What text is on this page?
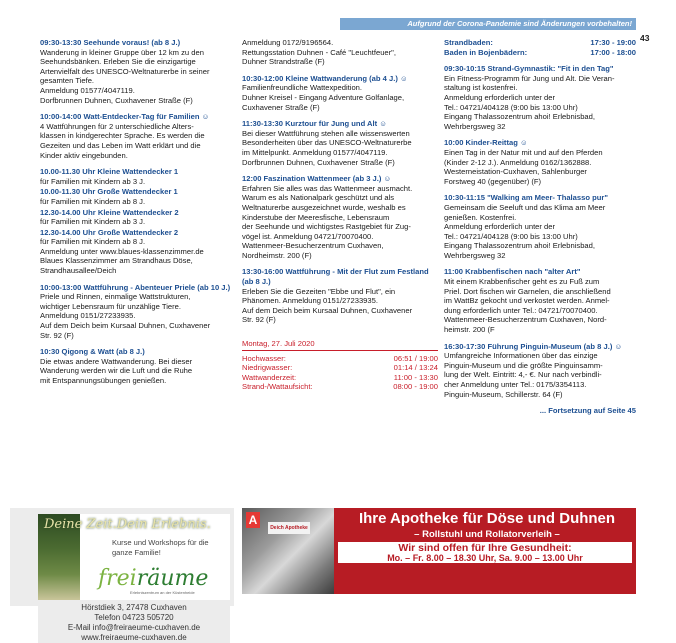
Aufgrund der Corona-Pandemie sind Änderungen vorbehalten!
43
09:30-13:30 Seehunde voraus! (ab 8 J.)
Wanderung in kleiner Gruppe über 12 km zu den
Seehundsbänken. Erleben Sie die einzigartige
Artenvielfalt des UNESCO-Weltnaturerbe in seiner
gesamten Tiefe.
Anmeldung 01577/4047119.
Dorfbrunnen Duhnen, Cuxhavener Straße (F)
10:00-14:00 Watt-Entdecker-Tag für Familien ☺
4 Wattführungen für 2 unterschiedliche Alters-
klassen in kindgerechter Sprache. Es werden die
Gezeiten und das Leben im Watt erklärt und die
Kinder aktiv eingebunden.
10.00-11.30 Uhr Kleine Wattendecker 1
für Familien mit Kindern ab 3 J.
10.00-11.30 Uhr Große Wattendecker 1
für Familien mit Kindern ab 8 J.
12.30-14.00 Uhr Kleine Wattendecker 2
für Familien mit Kindern ab 3 J.
12.30-14.00 Uhr Große Wattendecker 2
für Familien mit Kindern ab 8 J.
Anmeldung unter www.blaues-klassenzimmer.de
Blaues Klassenzimmer am Strandhaus Döse,
Strandhausallee/Deich
10:00-13:00 Wattführung - Abenteuer Priele (ab 10 J.)
Priele und Rinnen, einmalige Wattstrukturen,
wichtiger Lebensraum für unzählige Tiere.
Anmeldung 0151/27233935.
Auf dem Deich beim Kursaal Duhnen, Cuxhavener
Str. 92 (F)
10:30 Qigong & Watt (ab 8 J.)
Die etwas andere Wattwanderung. Bei dieser
Wanderung werden wir die Luft und die Ruhe
mit Entspannungsübungen genießen.
Anmeldung 0172/9196564.
Rettungsstation Duhnen - Café "Leuchtfeuer",
Duhner Strandstraße (F)
10:30-12:00 Kleine Wattwanderung (ab 4 J.) ☺
Familienfreundliche Wattexpedition.
Duhner Kreisel - Eingang Adventure Golfanlage,
Cuxhavener Straße (F)
11:30-13:30 Kurztour für Jung und Alt ☺
Bei dieser Wattführung stehen alle wissenswerten
Besonderheiten über das UNESCO-Weltnaturerbe
im Mittelpunkt. Anmeldung 01577/4047119.
Dorfbrunnen Duhnen, Cuxhavener Straße (F)
12:00 Faszination Wattenmeer (ab 3 J.) ☺
Erfahren Sie alles was das Wattenmeer ausmacht.
Warum es als Nationalpark geschützt und als
Weltnaturerbe ausgezeichnet wurde, weshalb es
Kinderstube der Meeresfische, Lebensraum
der Seehunde und wichtigstes Rastgebiet für Zug-
vögel ist. Anmeldung 04721/70070400.
Wattenmeer-Besucherzentrum Cuxhaven,
Nordheimstr. 200 (F)
13:30-16:00 Wattführung - Mit der Flut zum Festland (ab 8 J.)
Erleben Sie die Gezeiten "Ebbe und Flut", ein
Phänomen. Anmeldung 0151/27233935.
Auf dem Deich beim Kursaal Duhnen, Cuxhavener
Str. 92 (F)
Montag, 27. Juli 2020
Hochwasser:	06:51 / 19:00
Niedrigwasser:	01:14 / 13:24
Wattwanderzeit:	11:00 - 13:30
Strand-/Wattaufsicht:	08:00 - 19:00
Strandbaden:	17:30 - 19:00
Baden in Bojenbädern:	17:00 - 18:00
09:30-10:15 Strand-Gymnastik: "Fit in den Tag"
Ein Fitness-Programm für Jung und Alt. Die Veran-
staltung ist kostenfrei.
Anmeldung erforderlich unter der
Tel.: 04721/404128 (9:00 bis 13:00 Uhr)
Eingang Thalassozentrum ahoi! Erlebnisbad,
Wehrbergsweg 32
10:00 Kinder-Reittag ☺
Einen Tag in der Natur mit und auf den Pferden
(Kinder 2-12 J.). Anmeldung 0162/1362888.
Westerneistation-Cuxhaven, Sahlenburger
Forstweg 40 (gegenüber) (F)
10:30-11:15 "Walking am Meer- Thalasso pur"
Gemeinsam die Seeluft und das Klima am Meer
genießen. Kostenfrei.
Anmeldung erforderlich unter der
Tel.: 04721/404128 (9:00 bis 13:00 Uhr)
Eingang Thalassozentrum ahoi! Erlebnisbad,
Wehrbergsweg 32
11:00 Krabbenfischen nach "alter Art"
Mit einem Krabbenfischer geht es zu Fuß zum
Priel. Dort fischen wir Garnelen, die anschließend
im WattBz gekocht und verkostet werden. Anmel-
dung erforderlich unter Tel.: 04721/70070400.
Wattenmeer-Besucherzentrum Cuxhaven, Nord-
heimstr. 200 (F
16:30-17:30 Führung Pinguin-Museum (ab 8 J.) ☺
Umfangreiche Informationen über das einzige
Pinguin-Museum und die größte Pinguinsamm-
lung der Welt. Eintritt: 4,- €. Nur nach verbindli-
cher Anmeldung unter Tel.: 0175/3354113.
Pinguin-Museum, Schillerstr. 64 (F)
... Fortsetzung auf Seite 45
Deine Zeit.Dein Erlebnis.
Kurse und Workshops für die ganze Familie!
freiräume
Erlebniszentrum an der Küstenheide
Hörstdiek 3, 27478 Cuxhaven
Telefon 04723 505720
E-Mail info@freiraeume-cuxhaven.de
www.freiraeume-cuxhaven.de
A
Deich Apotheke
Ihre Apotheke für Döse und Duhnen
– Rollstuhl und Rollatorverleih –
Wir sind offen für Ihre Gesundheit:
Mo. – Fr. 8.00 – 18.30 Uhr, Sa. 9.00 – 13.00 Uhr
